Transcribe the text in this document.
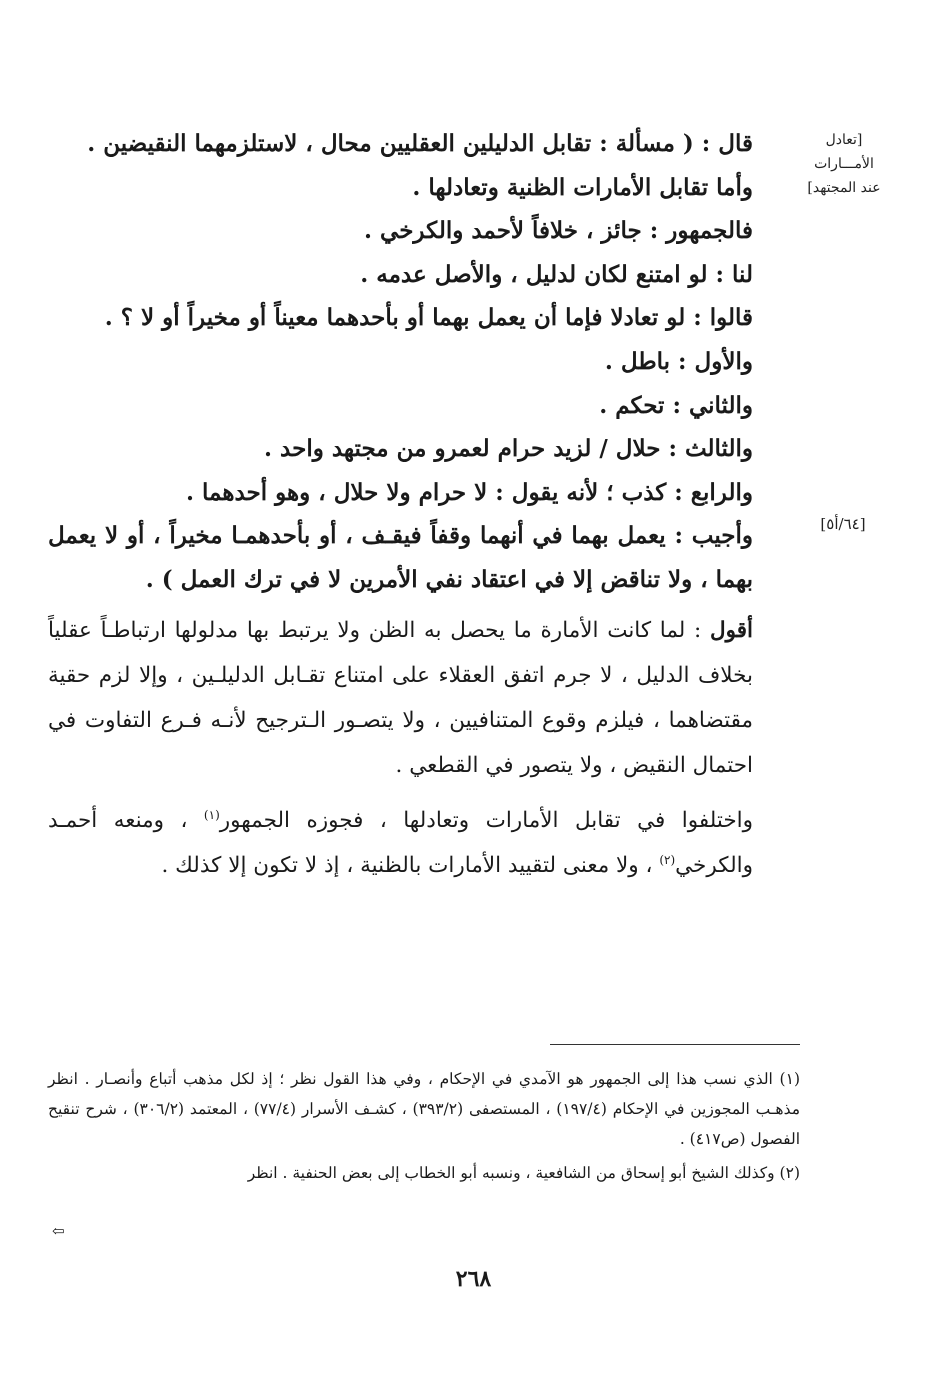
[تعادل
الأمـــارات
عند المجتهد]
[٦٤/أ٥]

قال : ( مسألة : تقابل الدليلين العقليين محال ، لاستلزمهما النقيضين .

وأما تقابل الأمارات الظنية وتعادلها .

فالجمهور : جائز ، خلافاً لأحمد والكرخي .

لنا : لو امتنع لكان لدليل ، والأصل عدمه .

قالوا : لو تعادلا فإما أن يعمل بهما أو بأحدهما معيناً أو مخيراً أو لا ؟ .

والأول : باطل .

والثاني : تحكم .

والثالث : حلال / لزيد حرام لعمرو من مجتهد واحد .

والرابع : كذب ؛ لأنه يقول : لا حرام ولا حلال ، وهو أحدهما .

وأجيب : يعمل بهما في أنهما وقفاً فيقـف ، أو بأحدهمـا مخيراً ، أو لا يعمل بهما ، ولا تناقض إلا في اعتقاد نفي الأمرين لا في ترك العمل ) .

أقول : لما كانت الأمارة ما يحصل به الظن ولا يرتبط بها مدلولها ارتباطـاً عقلياً بخلاف الدليل ، لا جرم اتفق العقلاء على امتناع تقـابل الدليلـين ، وإلا لزم حقية مقتضاهما ، فيلزم وقوع المتنافيين ، ولا يتصـور الـترجيح لأنـه فـرع التفاوت في احتمال النقيض ، ولا يتصور في القطعي .

واختلفوا في تقابل الأمارات وتعادلها ، فجوزه الجمهور$^{(١)}$ ، ومنعه أحمـد والكرخي$^{(٢)}$ ، ولا معنى لتقييد الأمارات بالظنية ، إذ لا تكون إلا كذلك .

(١) الذي نسب هذا إلى الجمهور هو الآمدي في الإحكام ، وفي هذا القول نظر ؛ إذ لكل مذهب أتباع وأنصـار . انظر مذهـب المجوزين في الإحكام (١٩٧/٤) ، المستصفى (٣٩٣/٢) ، كشـف الأسرار (٧٧/٤) ، المعتمد (٣٠٦/٢) ، شرح تنقيح الفصول (ص٤١٧) .

(٢) وكذلك الشيخ أبو إسحاق من الشافعية ، ونسبه أبو الخطاب إلى بعض الحنفية . انظر

⇦
٢٦٨
